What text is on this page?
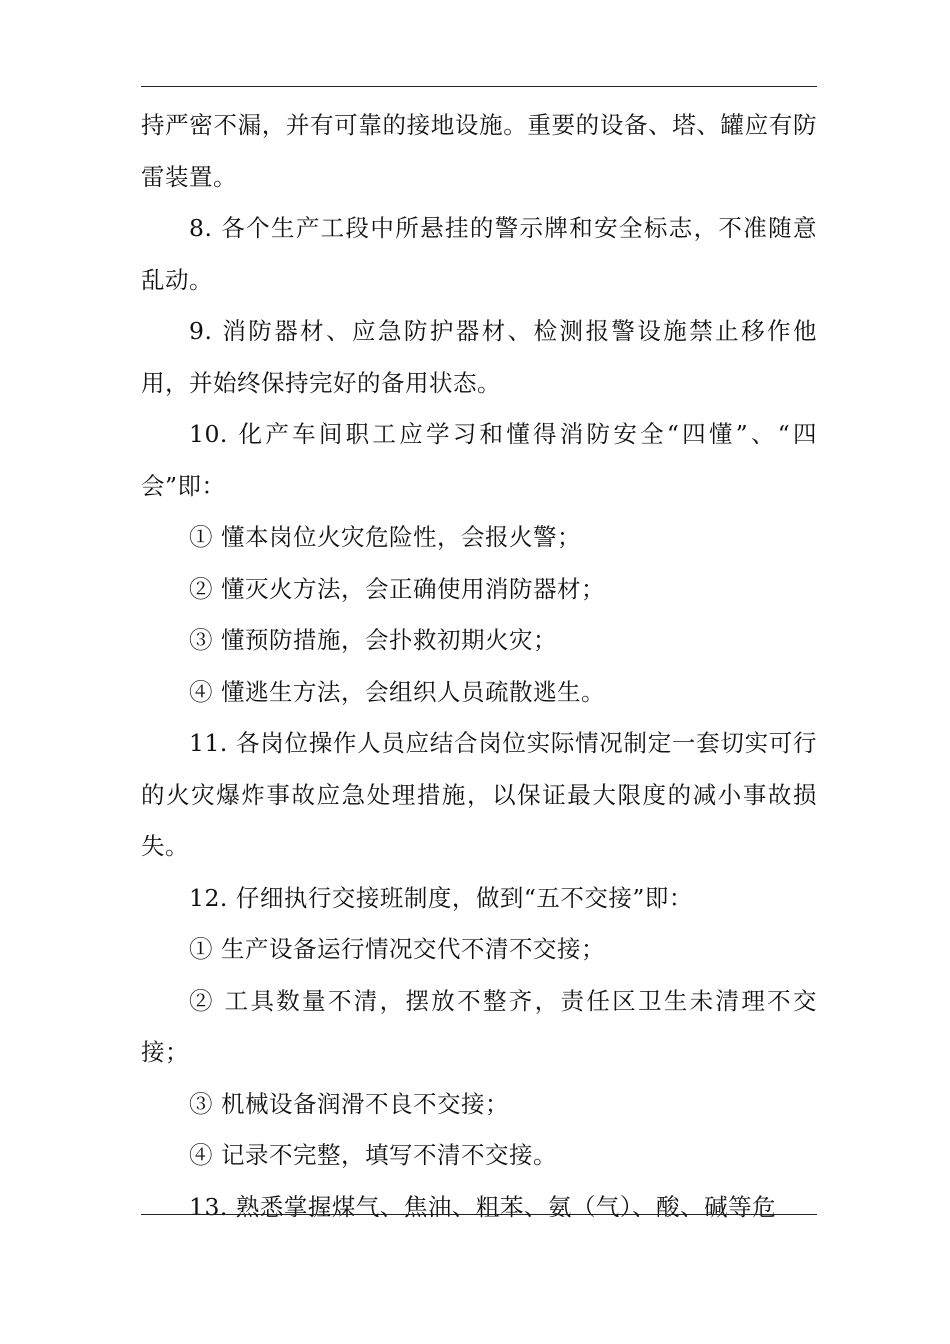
持严密不漏，并有可靠的接地设施。重要的设备、塔、罐应有防雷装置。

8. 各个生产工段中所悬挂的警示牌和安全标志，不准随意乱动。

9. 消防器材、应急防护器材、检测报警设施禁止移作他用，并始终保持完好的备用状态。

10. 化产车间职工应学习和懂得消防安全“四懂”、“四会”即：

① 懂本岗位火灾危险性，会报火警；

② 懂灭火方法，会正确使用消防器材；

③ 懂预防措施，会扑救初期火灾；

④ 懂逃生方法，会组织人员疏散逃生。

11. 各岗位操作人员应结合岗位实际情况制定一套切实可行的火灾爆炸事故应急处理措施，以保证最大限度的减小事故损失。

12. 仔细执行交接班制度，做到“五不交接”即：

① 生产设备运行情况交代不清不交接；

② 工具数量不清，摆放不整齐，责任区卫生未清理不交接；

③ 机械设备润滑不良不交接；

④ 记录不完整，填写不清不交接。

13. 熟悉掌握煤气、焦油、粗苯、氨（气）、酸、碱等危
